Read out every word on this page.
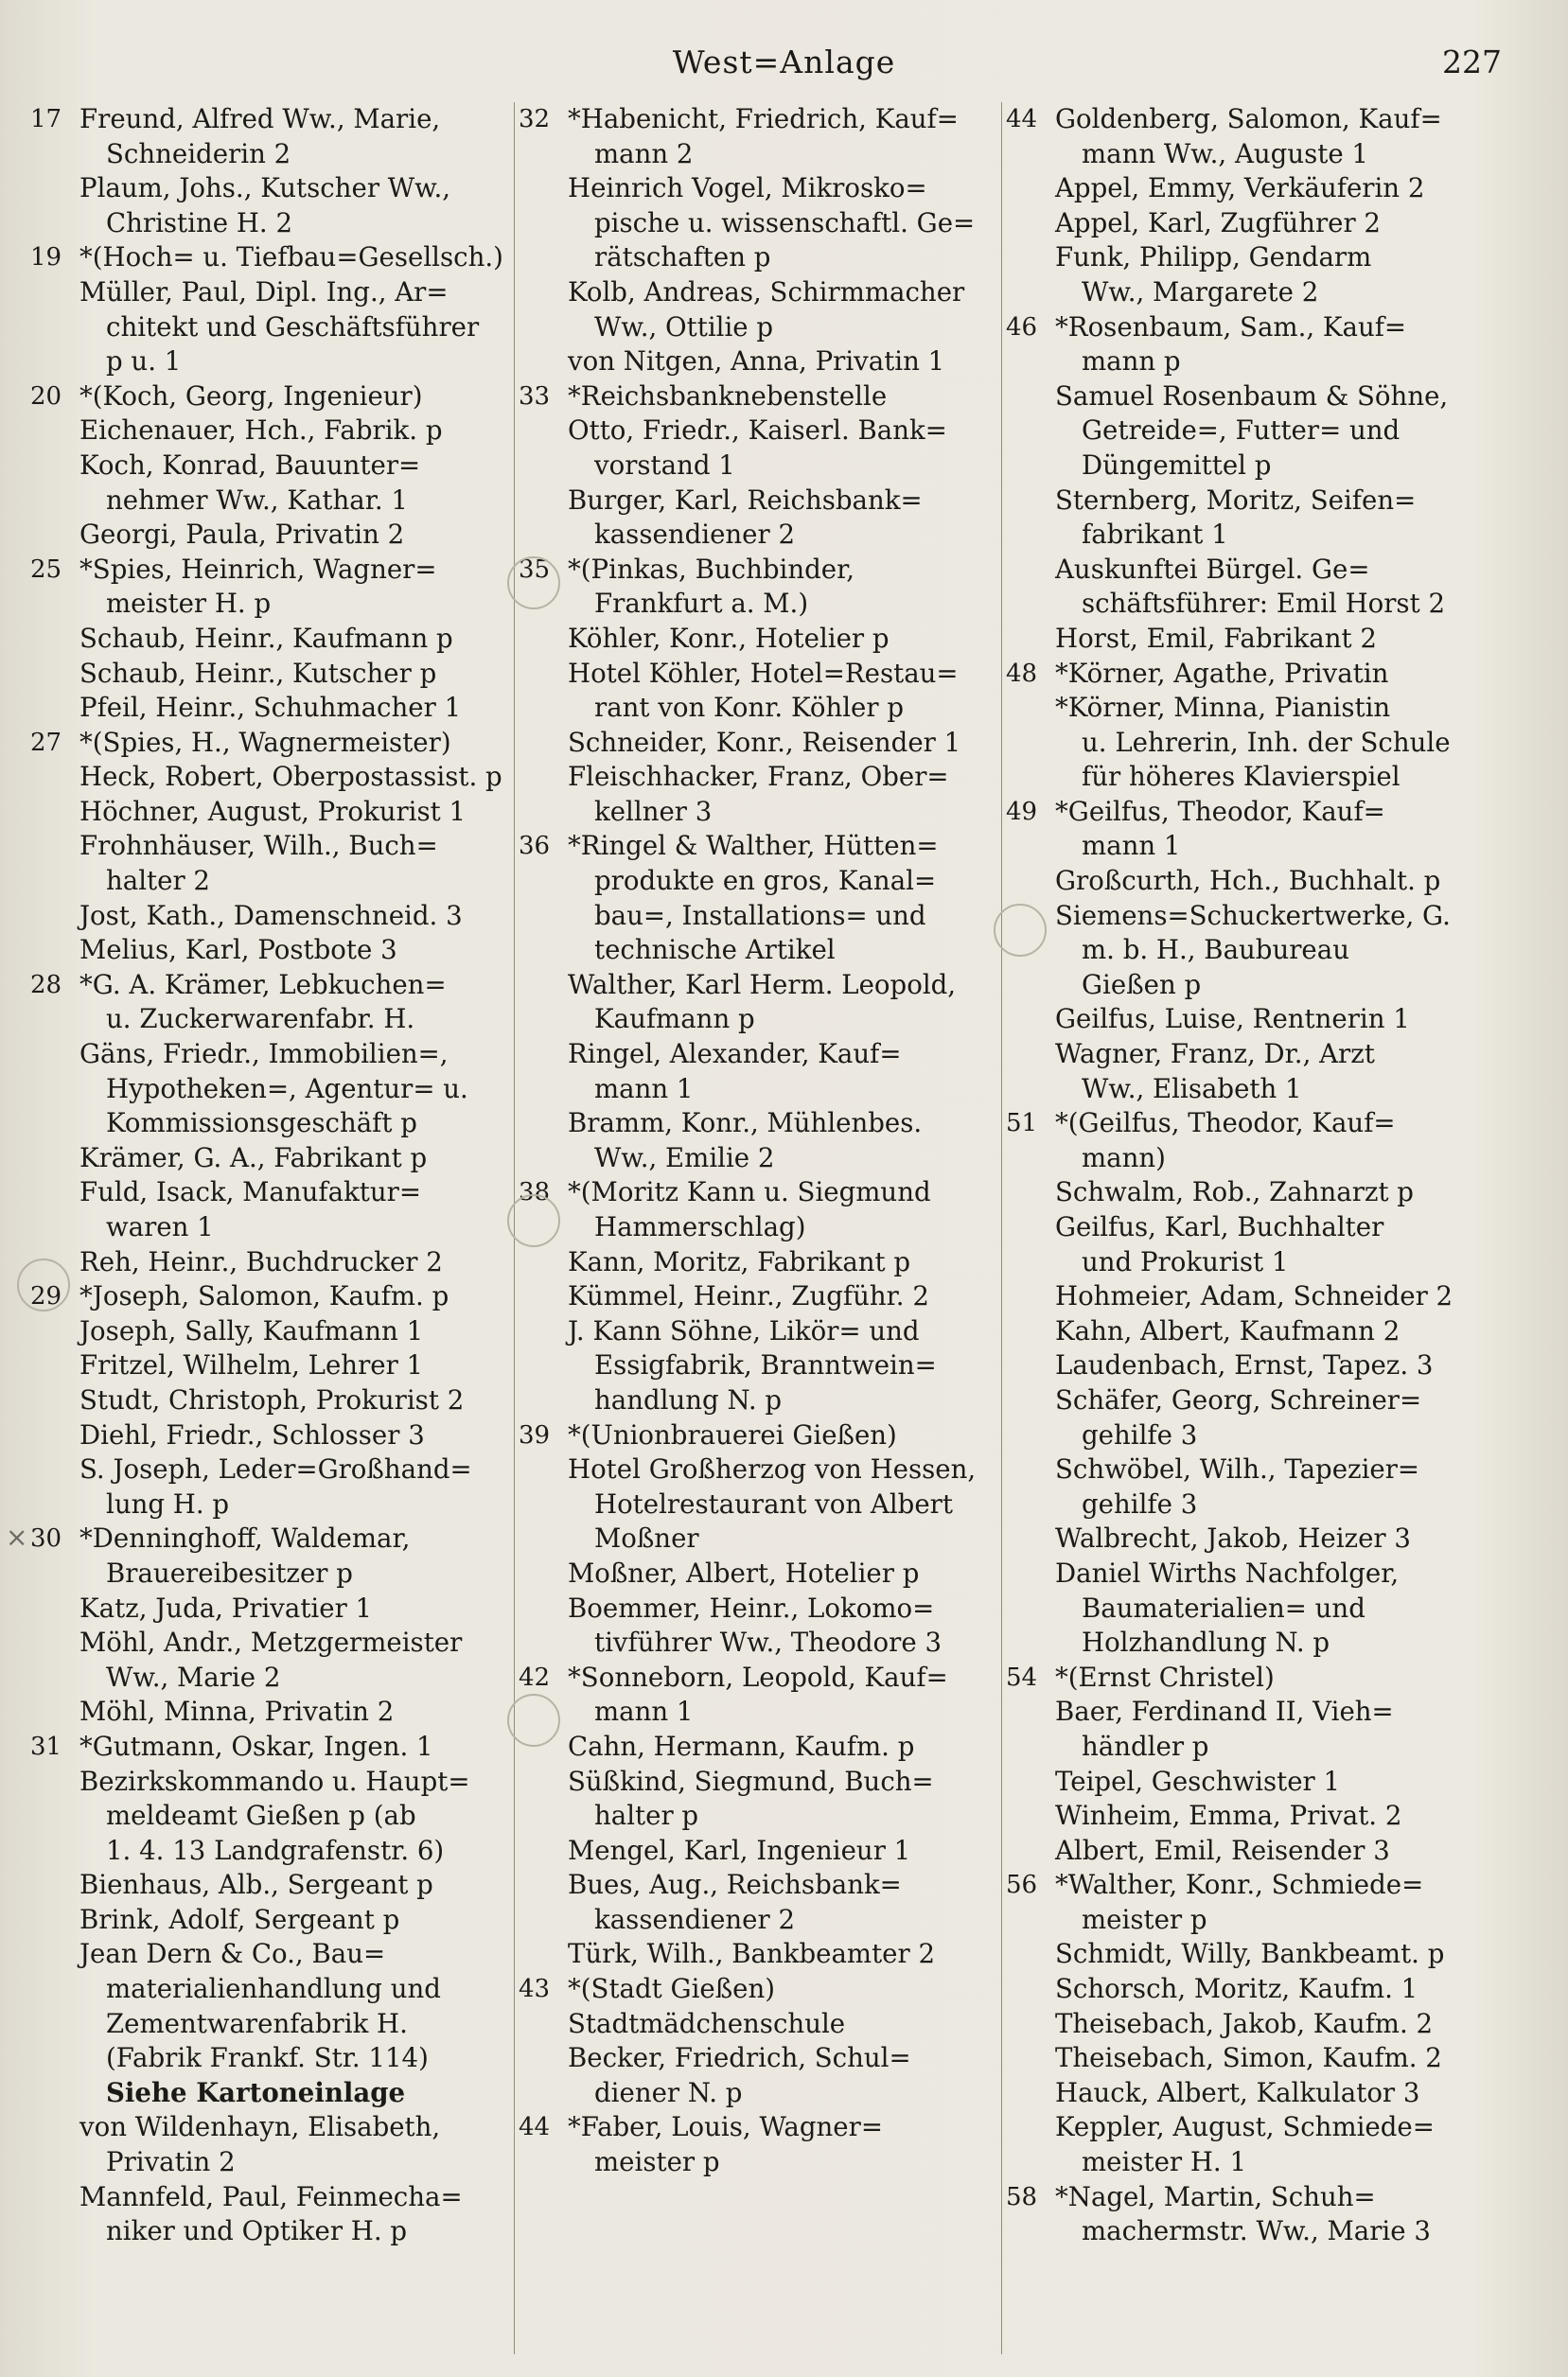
West=Anlage	227
17 Freund, Alfred Ww., Marie,
Schneiderin 2
Plaum, Johs., Kutscher Ww.,
Christine H. 2
19 *(Hoch= u. Tiefbau=Gesellsch.)
Müller, Paul, Dipl. Ing., Ar=
chitekt und Geschäftsführer
p u. 1
20 *(Koch, Georg, Ingenieur)
Eichenauer, Hch., Fabrik. p
Koch, Konrad, Bauunter=
nehmer Ww., Kathar. 1
Georgi, Paula, Privatin 2
25 *Spies, Heinrich, Wagner=
meister H. p
Schaub, Heinr., Kaufmann p
Schaub, Heinr., Kutscher p
Pfeil, Heinr., Schuhmacher 1
27 *(Spies, H., Wagnermeister)
Heck, Robert, Oberpostassist. p
Höchner, August, Prokurist 1
Frohnhäuser, Wilh., Buch=
halter 2
Jost, Kath., Damenschneid. 3
Melius, Karl, Postbote 3
28 *G. A. Krämer, Lebkuchen=
u. Zuckerwarenfabr. H.
Gäns, Friedr., Immobilien=,
Hypotheken=, Agentur= u.
Kommissionsgeschäft p
Krämer, G. A., Fabrikant p
Fuld, Isack, Manufaktur=
waren 1
Reh, Heinr., Buchdrucker 2
29 *Joseph, Salomon, Kaufm. p
Joseph, Sally, Kaufmann 1
Fritzel, Wilhelm, Lehrer 1
Studt, Christoph, Prokurist 2
Diehl, Friedr., Schlosser 3
S. Joseph, Leder=Großhand=
lung H. p
30 *Denninghoff, Waldemar,
Brauereibesitzer p
Katz, Juda, Privatier 1
Möhl, Andr., Metzgermeister
Ww., Marie 2
Möhl, Minna, Privatin 2
31 *Gutmann, Oskar, Ingen. 1
Bezirkskommando u. Haupt=
meldeamt Gießen p (ab
1. 4. 13 Landgrafenstr. 6)
Bienhaus, Alb., Sergeant p
Brink, Adolf, Sergeant p
Jean Dern & Co., Bau=
materialienhandlung und
Zementwarenfabrik H.
(Fabrik Frankf. Str. 114)
Siehe Kartoneinlage
von Wildenhayn, Elisabeth,
Privatin 2
Mannfeld, Paul, Feinmecha=
niker und Optiker H. p
32 *Habenicht, Friedrich, Kauf=
mann 2
Heinrich Vogel, Mikrosko=
pische u. wissenschaftl. Ge=
rätschaften p
Kolb, Andreas, Schirmmacher
Ww., Ottilie p
von Nitgen, Anna, Privatin 1
33 *Reichsbanknebenstelle
Otto, Friedr., Kaiserl. Bank=
vorstand 1
Burger, Karl, Reichsbank=
kassendiener 2
35 *(Pinkas, Buchbinder,
Frankfurt a. M.)
Köhler, Konr., Hotelier p
Hotel Köhler, Hotel=Restau=
rant von Konr. Köhler p
Schneider, Konr., Reisender 1
Fleischhacker, Franz, Ober=
kellner 3
36 *Ringel & Walther, Hütten=
produkte en gros, Kanal=
bau=, Installations= und
technische Artikel
Walther, Karl Herm. Leopold,
Kaufmann p
Ringel, Alexander, Kauf=
mann 1
Bramm, Konr., Mühlenbes.
Ww., Emilie 2
38 *(Moritz Kann u. Siegmund
Hammerschlag)
Kann, Moritz, Fabrikant p
Kümmel, Heinr., Zugführ. 2
J. Kann Söhne, Likör= und
Essigfabrik, Branntwein=
handlung N. p
39 *(Unionbrauerei Gießen)
Hotel Großherzog von Hessen,
Hotelrestaurant von Albert
Moßner
Moßner, Albert, Hotelier p
Boemmer, Heinr., Lokomo=
tivführer Ww., Theodore 3
42 *Sonneborn, Leopold, Kauf=
mann 1
Cahn, Hermann, Kaufm. p
Süßkind, Siegmund, Buch=
halter p
Mengel, Karl, Ingenieur 1
Bues, Aug., Reichsbank=
kassendiener 2
Türk, Wilh., Bankbeamter 2
43 *(Stadt Gießen)
Stadtmädchenschule
Becker, Friedrich, Schul=
diener N. p
44 *Faber, Louis, Wagner=
meister p
44 Goldenberg, Salomon, Kauf=
mann Ww., Auguste 1
Appel, Emmy, Verkäuferin 2
Appel, Karl, Zugführer 2
Funk, Philipp, Gendarm
Ww., Margarete 2
46 *Rosenbaum, Sam., Kauf=
mann p
Samuel Rosenbaum & Söhne,
Getreide=, Futter= und
Düngemittel p
Sternberg, Moritz, Seifen=
fabrikant 1
Auskunftei Bürgel. Ge=
schäftsführer: Emil Horst 2
Horst, Emil, Fabrikant 2
48 *Körner, Agathe, Privatin
*Körner, Minna, Pianistin
u. Lehrerin, Inh. der Schule
für höheres Klavierspiel
49 *Geilfus, Theodor, Kauf=
mann 1
Großcurth, Hch., Buchhalt. p
Siemens=Schuckertwerke, G.
m. b. H., Baubureau
Gießen p
Geilfus, Luise, Rentnerin 1
Wagner, Franz, Dr., Arzt
Ww., Elisabeth 1
51 *(Geilfus, Theodor, Kauf=
mann)
Schwalm, Rob., Zahnarzt p
Geilfus, Karl, Buchhalter
und Prokurist 1
Hohmeier, Adam, Schneider 2
Kahn, Albert, Kaufmann 2
Laudenbach, Ernst, Tapez. 3
Schäfer, Georg, Schreiner=
gehilfe 3
Schwöbel, Wilh., Tapezier=
gehilfe 3
Walbrecht, Jakob, Heizer 3
Daniel Wirths Nachfolger,
Baumaterialien= und
Holzhandlung N. p
54 *(Ernst Christel)
Baer, Ferdinand II, Vieh=
händler p
Teipel, Geschwister 1
Winheim, Emma, Privat. 2
Albert, Emil, Reisender 3
56 *Walther, Konr., Schmiede=
meister p
Schmidt, Willy, Bankbeamt. p
Schorsch, Moritz, Kaufm. 1
Theisebach, Jakob, Kaufm. 2
Theisebach, Simon, Kaufm. 2
Hauck, Albert, Kalkulator 3
Keppler, August, Schmiede=
meister H. 1
58 *Nagel, Martin, Schuh=
machermstr. Ww., Marie 3
×
